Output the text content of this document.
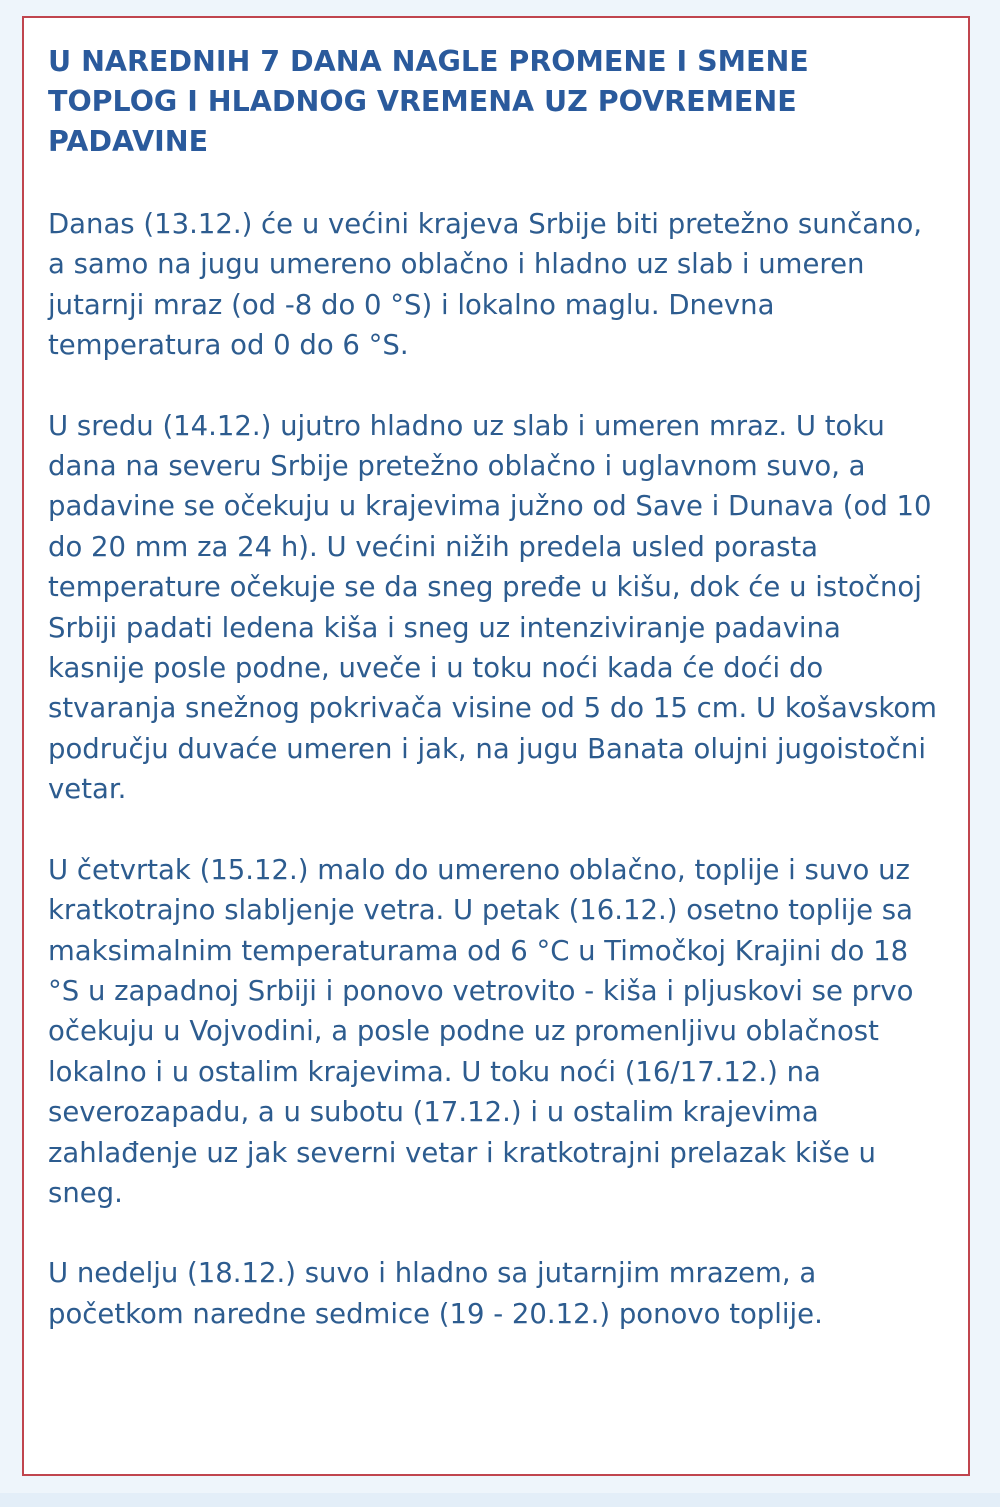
U NAREDNIH 7 DANA NAGLE PROMENE I SMENE TOPLOG I HLADNOG VREMENA UZ POVREMENE PADAVINE

Danas (13.12.) će u većini krajeva Srbije biti pretežno sunčano, a samo na jugu umereno oblačno i hladno uz slab i umeren jutarnji mraz (od -8 do 0 °S) i lokalno maglu. Dnevna temperatura od 0 do 6 °S.

U sredu (14.12.) ujutro hladno uz slab i umeren mraz. U toku dana na severu Srbije pretežno oblačno i uglavnom suvo, a padavine se očekuju u krajevima južno od Save i Dunava (od 10 do 20 mm za 24 h). U većini nižih predela usled porasta temperature očekuje se da sneg pređe u kišu, dok će u istočnoj Srbiji padati ledena kiša i sneg uz intenziviranje padavina kasnije posle podne, uveče i u toku noći kada će doći do stvaranja snežnog pokrivača visine od 5 do 15 cm. U košavskom području duvaće umeren i jak, na jugu Banata olujni jugoistočni vetar.

U četvrtak (15.12.) malo do umereno oblačno, toplije i suvo uz kratkotrajno slabljenje vetra. U petak (16.12.) osetno toplije sa maksimalnim temperaturama od 6 °C u Timočkoj Krajini do 18 °S u zapadnoj Srbiji i ponovo vetrovito - kiša i pljuskovi se prvo očekuju u Vojvodini, a posle podne uz promenljivu oblačnost lokalno i u ostalim krajevima. U toku noći (16/17.12.) na severozapadu, a u subotu (17.12.) i u ostalim krajevima zahlađenje uz jak severni vetar i kratkotrajni prelazak kiše u sneg.

U nedelju (18.12.) suvo i hladno sa jutarnjim mrazem, a početkom naredne sedmice (19 - 20.12.) ponovo toplije.
